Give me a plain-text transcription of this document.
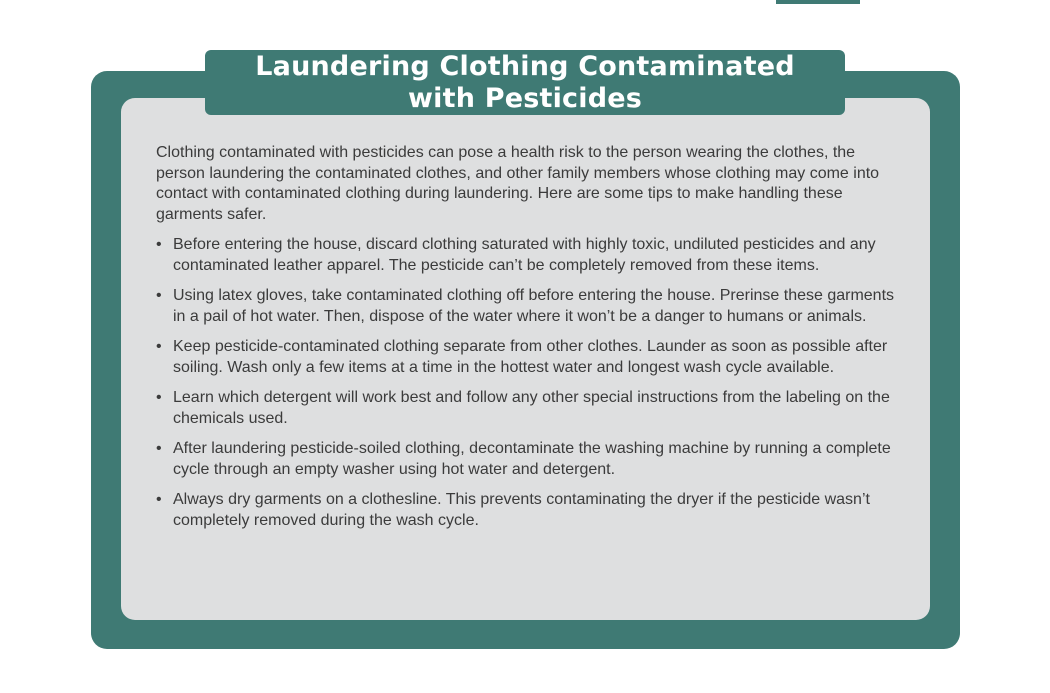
Laundering Clothing Contaminated
with Pesticides

Clothing contaminated with pesticides can pose a health risk to the person wearing the clothes, the person laundering the contaminated clothes, and other family members whose clothing may come into contact with contaminated clothing during laundering. Here are some tips to make handling these garments safer.

• Before entering the house, discard clothing saturated with highly toxic, undiluted pesticides and any contaminated leather apparel. The pesticide can’t be completely removed from these items.
• Using latex gloves, take contaminated clothing off before entering the house. Prerinse these garments in a pail of hot water. Then, dispose of the water where it won’t be a danger to humans or animals.
• Keep pesticide-contaminated clothing separate from other clothes. Launder as soon as possible after soiling. Wash only a few items at a time in the hottest water and longest wash cycle available.
• Learn which detergent will work best and follow any other special instructions from the labeling on the chemicals used.
• After laundering pesticide-soiled clothing, decontaminate the washing machine by running a complete cycle through an empty washer using hot water and detergent.
• Always dry garments on a clothesline. This prevents contaminating the dryer if the pesticide wasn’t completely removed during the wash cycle.
